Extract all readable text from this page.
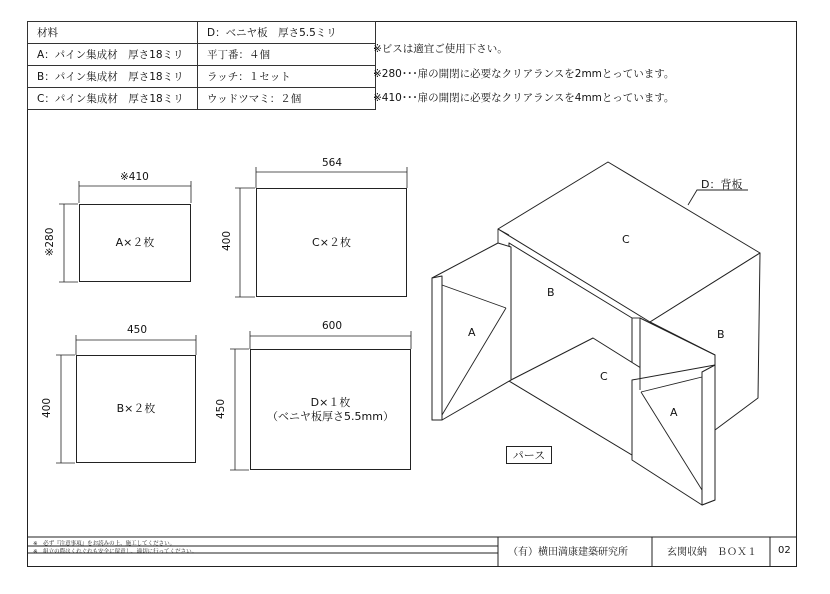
材料	D：ベニヤ板　厚さ5.5ミリ
A：パイン集成材　厚さ18ミリ	平丁番：４個
B：パイン集成材　厚さ18ミリ	ラッチ：１セット
C：パイン集成材　厚さ18ミリ	ウッドツマミ：２個
※ビスは適宜ご使用下さい。
※280･･･扉の開閉に必要なクリアランスを2mmとっています。
※410･･･扉の開閉に必要なクリアランスを4mmとっています。
A×２枚
※410
※280	C×２枚
564
400
B×２枚
450
400	D×１枚
（ベニヤ板厚さ5.5mm）
600
450
C
B
A
C
B
A
D：背板
パース
※　必ず『注意事項』をお読みの上、施工してください。
※　組立の際はくれぐれも安全に留意し、適切に行ってください。	（有）横田満康建築研究所	玄関収納　ＢＯＸ１	02
